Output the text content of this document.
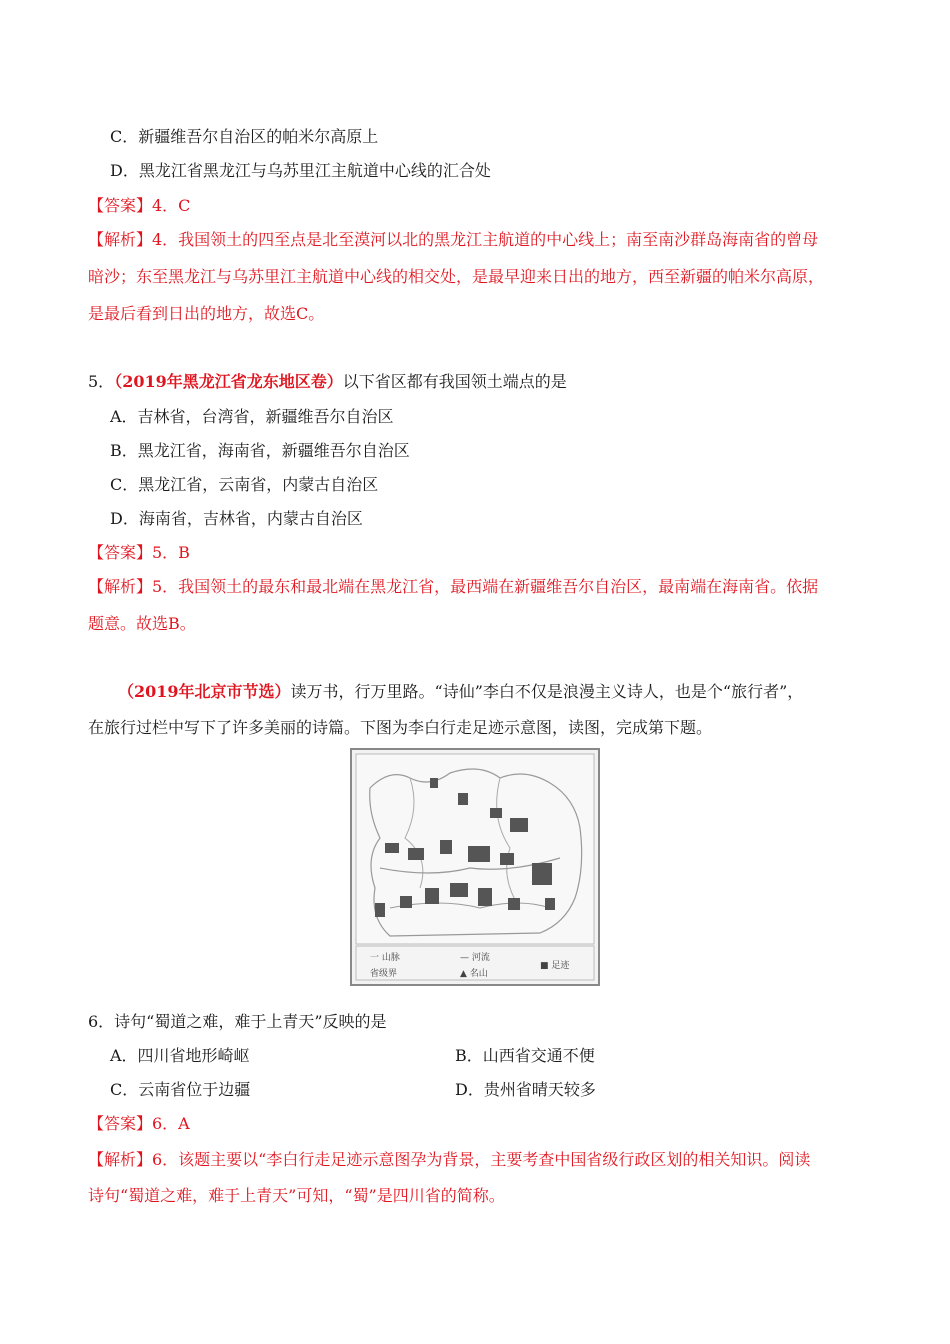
C．新疆维吾尔自治区的帕米尔高原上
D．黑龙江省黑龙江与乌苏里江主航道中心线的汇合处
【答案】4．C
【解析】4．我国领土的四至点是北至漠河以北的黑龙江主航道的中心线上；南至南沙群岛海南省的曾母
暗沙；东至黑龙江与乌苏里江主航道中心线的相交处，是最早迎来日出的地方，西至新疆的帕米尔高原，
是最后看到日出的地方，故选C。
5．（2019年黑龙江省龙东地区卷）以下省区都有我国领土端点的是
A．吉林省，台湾省，新疆维吾尔自治区
B．黑龙江省，海南省，新疆维吾尔自治区
C．黑龙江省，云南省，内蒙古自治区
D．海南省，吉林省，内蒙古自治区
【答案】5．B
【解析】5．我国领土的最东和最北端在黑龙江省，最西端在新疆维吾尔自治区，最南端在海南省。依据
题意。故选B。
（2019年北京市节选）读万书，行万里路。“诗仙”李白不仅是浪漫主义诗人，也是个“旅行者”，
在旅行过栏中写下了许多美丽的诗篇。下图为李白行走足迹示意图，读图，完成第下题。
一 山脉	— 河流
省级界	▲ 名山
■ 足迹
6．诗句“蜀道之难，难于上青天”反映的是
A．四川省地形崎岖	B．山西省交通不便
C．云南省位于边疆	D．贵州省晴天较多
【答案】6．A
【解析】6．该题主要以“李白行走足迹示意图孕为背景，主要考查中国省级行政区划的相关知识。阅读
诗句“蜀道之难，难于上青天”可知，“蜀”是四川省的简称。
